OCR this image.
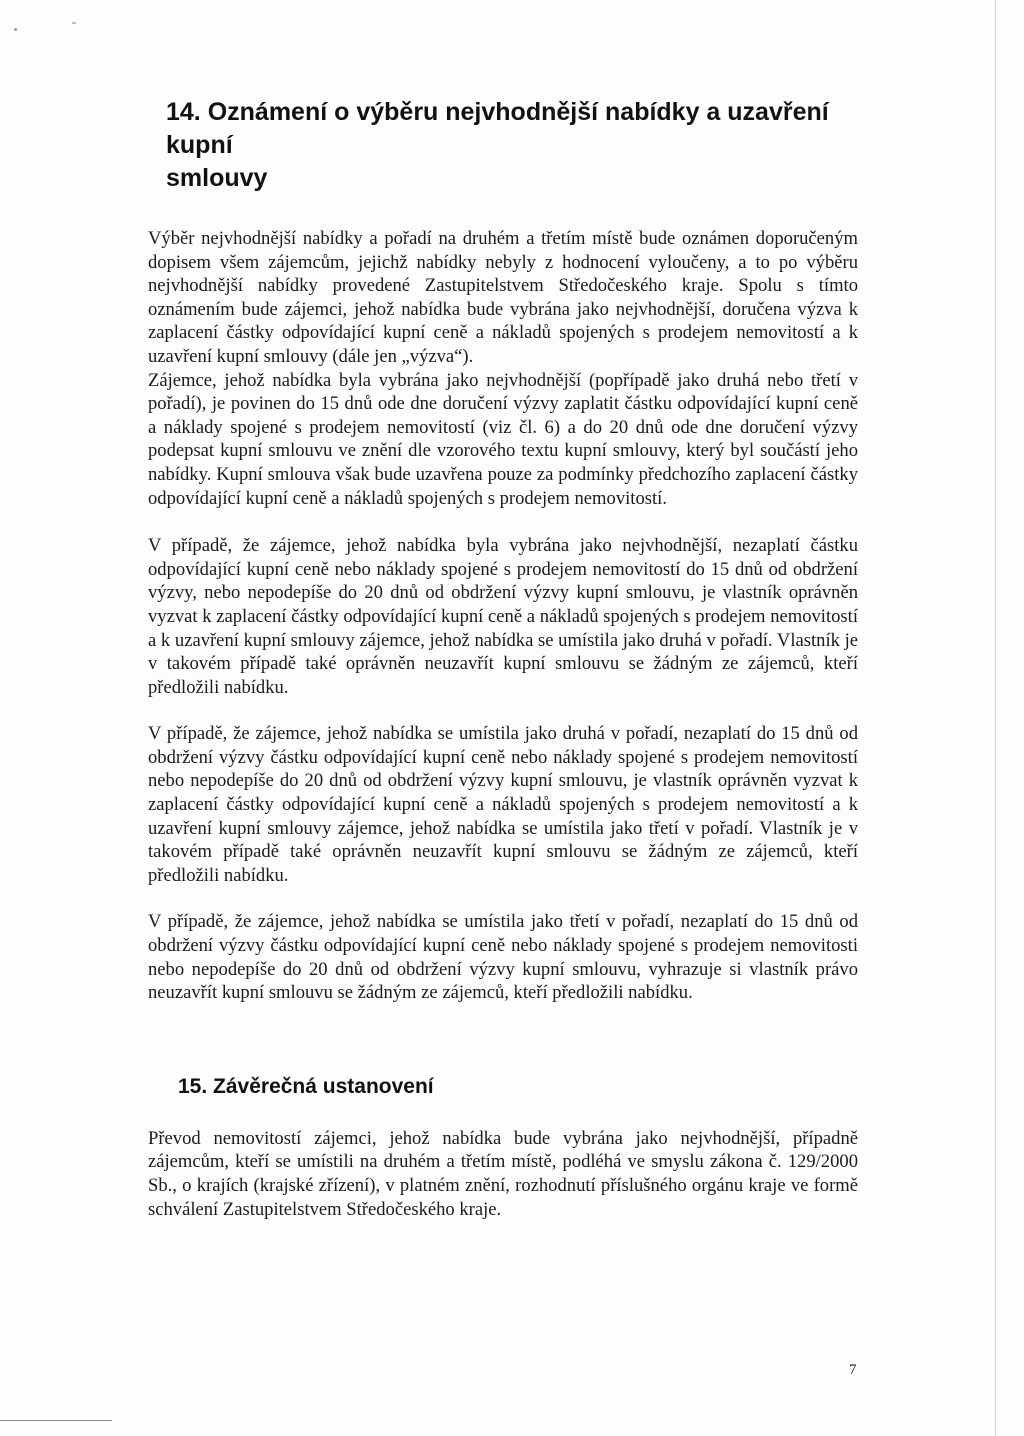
14. Oznámení o výběru nejvhodnější nabídky a uzavření kupní
smlouvy

Výběr nejvhodnější nabídky a pořadí na druhém a třetím místě bude oznámen doporučeným dopisem všem zájemcům, jejichž nabídky nebyly z hodnocení vyloučeny, a to po výběru nejvhodnější nabídky provedené Zastupitelstvem Středočeského kraje. Spolu s tímto oznámením bude zájemci, jehož nabídka bude vybrána jako nejvhodnější, doručena výzva k zaplacení částky odpovídající kupní ceně a nákladů spojených s prodejem nemovitostí a k uzavření kupní smlouvy (dále jen „výzva“).

Zájemce, jehož nabídka byla vybrána jako nejvhodnější (popřípadě jako druhá nebo třetí v pořadí), je povinen do 15 dnů ode dne doručení výzvy zaplatit částku odpovídající kupní ceně a náklady spojené s prodejem nemovitostí (viz čl. 6) a do 20 dnů ode dne doručení výzvy podepsat kupní smlouvu ve znění dle vzorového textu kupní smlouvy, který byl součástí jeho nabídky. Kupní smlouva však bude uzavřena pouze za podmínky předchozího zaplacení částky odpovídající kupní ceně a nákladů spojených s prodejem nemovitostí.

V případě, že zájemce, jehož nabídka byla vybrána jako nejvhodnější, nezaplatí částku odpovídající kupní ceně nebo náklady spojené s prodejem nemovitostí do 15 dnů od obdržení výzvy, nebo nepodepíše do 20 dnů od obdržení výzvy kupní smlouvu, je vlastník oprávněn vyzvat k zaplacení částky odpovídající kupní ceně a nákladů spojených s prodejem nemovitostí a k uzavření kupní smlouvy zájemce, jehož nabídka se umístila jako druhá v pořadí. Vlastník je v takovém případě také oprávněn neuzavřít kupní smlouvu se žádným ze zájemců, kteří předložili nabídku.

V případě, že zájemce, jehož nabídka se umístila jako druhá v pořadí, nezaplatí do 15 dnů od obdržení výzvy částku odpovídající kupní ceně nebo náklady spojené s prodejem nemovitostí nebo nepodepíše do 20 dnů od obdržení výzvy kupní smlouvu, je vlastník oprávněn vyzvat k zaplacení částky odpovídající kupní ceně a nákladů spojených s prodejem nemovitostí a k uzavření kupní smlouvy zájemce, jehož nabídka se umístila jako třetí v pořadí. Vlastník je v takovém případě také oprávněn neuzavřít kupní smlouvu se žádným ze zájemců, kteří předložili nabídku.

V případě, že zájemce, jehož nabídka se umístila jako třetí v pořadí, nezaplatí do 15 dnů od obdržení výzvy částku odpovídající kupní ceně nebo náklady spojené s prodejem nemovitosti nebo nepodepíše do 20 dnů od obdržení výzvy kupní smlouvu, vyhrazuje si vlastník právo neuzavřít kupní smlouvu se žádným ze zájemců, kteří předložili nabídku.

15. Závěrečná ustanovení

Převod nemovitostí zájemci, jehož nabídka bude vybrána jako nejvhodnější, případně zájemcům, kteří se umístili na druhém a třetím místě, podléhá ve smyslu zákona č. 129/2000 Sb., o krajích (krajské zřízení), v platném znění, rozhodnutí příslušného orgánu kraje ve formě schválení Zastupitelstvem Středočeského kraje.

7
